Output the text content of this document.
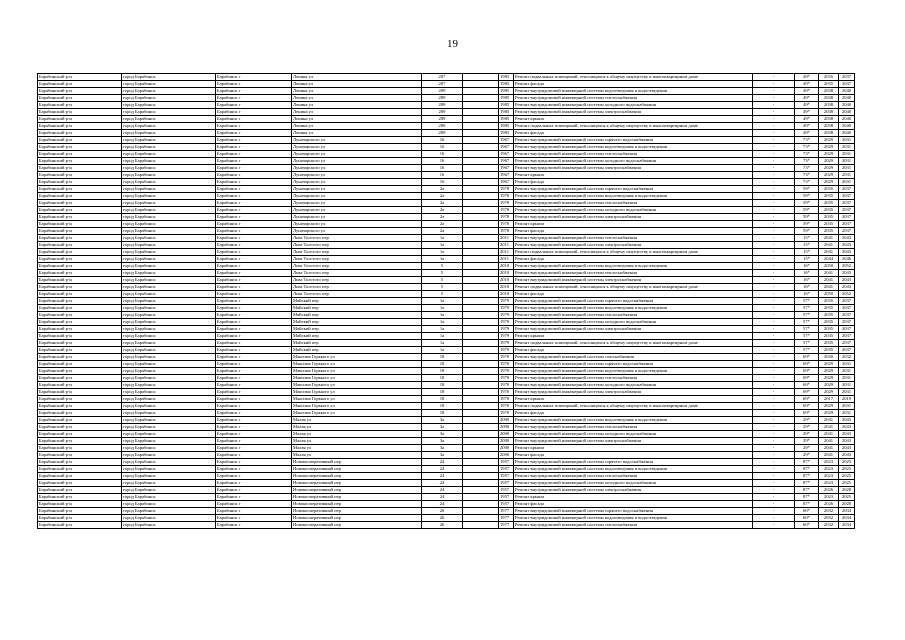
19
Барабинский р-н	город Барабинск	Барабинск г	Ленина ул	287		1985	Ремонт подвальных помещений, относящихся к общему имуществу в многоквартирном доме	-	49*	2035	2037
Барабинский р-н	город Барабинск	Барабинск г	Ленина ул	287		1985	Ремонт фасада	-	49*	2035	2037
Барабинский р-н	город Барабинск	Барабинск г	Ленина ул	289		1985	Ремонт внутридомовой инженерной системы водоотведения и водоотведения	-	49*	2038	2040
Барабинский р-н	город Барабинск	Барабинск г	Ленина ул	289		1985	Ремонт внутридомовой инженерной системы теплоснабжения	-	49*	2038	2040
Барабинский р-н	город Барабинск	Барабинск г	Ленина ул	289		1985	Ремонт внутридомовой инженерной системы холодного водоснабжения	-	49*	2038	2040
Барабинский р-н	город Барабинск	Барабинск г	Ленина ул	289		1985	Ремонт внутридомовой инженерной системы электроснабжения	-	49*	2038	2040
Барабинский р-н	город Барабинск	Барабинск г	Ленина ул	289		1985	Ремонт крыши	-	49*	2038	2040
Барабинский р-н	город Барабинск	Барабинск г	Ленина ул	289		1985	Ремонт подвальных помещений, относящихся к общему имуществу в многоквартирном доме	-	49*	2038	2040
Барабинский р-н	город Барабинск	Барабинск г	Ленина ул	289		1985	Ремонт фасада	-	49*	2038	2040
Барабинский р-н	город Барабинск	Барабинск г	Луначарского ул	16		1967	Ремонт внутридомовой инженерной системы горячего водоснабжения	-	73*	2029	2031
Барабинский р-н	город Барабинск	Барабинск г	Луначарского ул	16		1967	Ремонт внутридомовой инженерной системы водоотведения и водоотведения	-	73*	2029	2031
Барабинский р-н	город Барабинск	Барабинск г	Луначарского ул	16		1967	Ремонт внутридомовой инженерной системы теплоснабжения	-	73*	2029	2031
Барабинский р-н	город Барабинск	Барабинск г	Луначарского ул	16		1967	Ремонт внутридомовой инженерной системы холодного водоснабжения	-	73*	2029	2031
Барабинский р-н	город Барабинск	Барабинск г	Луначарского ул	16		1967	Ремонт внутридомовой инженерной системы электроснабжения	-	73*	2029	2031
Барабинский р-н	город Барабинск	Барабинск г	Луначарского ул	16		1967	Ремонт крыши	-	73*	2029	2031
Барабинский р-н	город Барабинск	Барабинск г	Луначарского ул	16		1967	Ремонт фасада	-	73*	2029	2031
Барабинский р-н	город Барабинск	Барабинск г	Луначарского ул	2а		1978	Ремонт внутридомовой инженерной системы горячего водоснабжения	-	59*	2035	2037
Барабинский р-н	город Барабинск	Барабинск г	Луначарского ул	2а		1978	Ремонт внутридомовой инженерной системы водоотведения и водоотведения	-	59*	2035	2037
Барабинский р-н	город Барабинск	Барабинск г	Луначарского ул	2а		1978	Ремонт внутридомовой инженерной системы теплоснабжения	-	59*	2035	2037
Барабинский р-н	город Барабинск	Барабинск г	Луначарского ул	2а		1978	Ремонт внутридомовой инженерной системы холодного водоснабжения	-	59*	2035	2037
Барабинский р-н	город Барабинск	Барабинск г	Луначарского ул	2а		1978	Ремонт внутридомовой инженерной системы электроснабжения	-	59*	2035	2037
Барабинский р-н	город Барабинск	Барабинск г	Луначарского ул	2а		1978	Ремонт крыши	-	59*	2035	2037
Барабинский р-н	город Барабинск	Барабинск г	Луначарского ул	2а		1978	Ремонт фасада	-	59*	2035	2037
Барабинский р-н	город Барабинск	Барабинск г	Льва Толстого пер	1а		2011	Ремонт внутридомовой инженерной системы теплоснабжения	-	15*	2041	2043
Барабинский р-н	город Барабинск	Барабинск г	Льва Толстого пер	1а		2011	Ремонт внутридомовой инженерной системы электроснабжения	-	15*	2041	2043
Барабинский р-н	город Барабинск	Барабинск г	Льва Толстого пер	1а		2011	Ремонт подвальных помещений, относящихся к общему имуществу в многоквартирном доме	-	15*	2041	2043
Барабинский р-н	город Барабинск	Барабинск г	Льва Толстого пер	1а		2011	Ремонт фасада	-	15*	2044	2046
Барабинский р-н	город Барабинск	Барабинск г	Льва Толстого пер	5		2010	Ремонт внутридомовой инженерной системы водоотведения и водоотведения	-	16*	2050	2052
Барабинский р-н	город Барабинск	Барабинск г	Льва Толстого пер	5		2010	Ремонт внутридомовой инженерной системы теплоснабжения	-	16*	2041	2043
Барабинский р-н	город Барабинск	Барабинск г	Льва Толстого пер	5		2010	Ремонт внутридомовой инженерной системы электроснабжения	-	16*	2041	2043
Барабинский р-н	город Барабинск	Барабинск г	Льва Толстого пер	5		2010	Ремонт подвальных помещений, относящихся к общему имуществу в многоквартирном доме	-	16*	2041	2043
Барабинский р-н	город Барабинск	Барабинск г	Льва Толстого пер	5		2010	Ремонт фасада	-	16*	2050	2052
Барабинский р-н	город Барабинск	Барабинск г	Майский пер	1а		1979	Ремонт внутридомовой инженерной системы горячего водоснабжения	-	57*	2035	2037
Барабинский р-н	город Барабинск	Барабинск г	Майский пер	1а		1979	Ремонт внутридомовой инженерной системы водоотведения и водоотведения	-	57*	2035	2037
Барабинский р-н	город Барабинск	Барабинск г	Майский пер	1а		1979	Ремонт внутридомовой инженерной системы теплоснабжения	-	57*	2035	2037
Барабинский р-н	город Барабинск	Барабинск г	Майский пер	1а		1979	Ремонт внутридомовой инженерной системы холодного водоснабжения	-	57*	2035	2037
Барабинский р-н	город Барабинск	Барабинск г	Майский пер	1а		1979	Ремонт внутридомовой инженерной системы электроснабжения	-	57*	2035	2037
Барабинский р-н	город Барабинск	Барабинск г	Майский пер	1а		1979	Ремонт крыши	-	57*	2035	2037
Барабинский р-н	город Барабинск	Барабинск г	Майский пер	1а		1979	Ремонт подвальных помещений, относящихся к общему имуществу в многоквартирном доме	-	57*	2035	2037
Барабинский р-н	город Барабинск	Барабинск г	Майский пер	1а		1979	Ремонт фасада	-	57*	2035	2037
Барабинский р-н	город Барабинск	Барабинск г	Максима Горького ул	18		1970	Ремонт внутридомовой инженерной системы газоснабжения	-	69*	2030	2032
Барабинский р-н	город Барабинск	Барабинск г	Максима Горького ул	18		1970	Ремонт внутридомовой инженерной системы горячего водоснабжения	-	69*	2029	2031
Барабинский р-н	город Барабинск	Барабинск г	Максима Горького ул	18		1970	Ремонт внутридомовой инженерной системы водоотведения и водоотведения	-	69*	2029	2031
Барабинский р-н	город Барабинск	Барабинск г	Максима Горького ул	18		1970	Ремонт внутридомовой инженерной системы теплоснабжения	-	69*	2029	2031
Барабинский р-н	город Барабинск	Барабинск г	Максима Горького ул	18		1970	Ремонт внутридомовой инженерной системы холодного водоснабжения	-	69*	2029	2031
Барабинский р-н	город Барабинск	Барабинск г	Максима Горького ул	18		1970	Ремонт внутридомовой инженерной системы электроснабжения	-	69*	2029	2031
Барабинский р-н	город Барабинск	Барабинск г	Максима Горького ул	18		1970	Ремонт крыши	-	69*	2017	2019
Барабинский р-н	город Барабинск	Барабинск г	Максима Горького ул	18		1970	Ремонт подвальных помещений, относящихся к общему имуществу в многоквартирном доме	-	69*	2029	2031
Барабинский р-н	город Барабинск	Барабинск г	Максима Горького ул	18		1970	Ремонт фасада	-	69*	2029	2031
Барабинский р-н	город Барабинск	Барабинск г	Малая ул	3а		2000	Ремонт внутридомовой инженерной системы водоотведения и водоотведения	-	29*	2041	2043
Барабинский р-н	город Барабинск	Барабинск г	Малая ул	3а		2000	Ремонт внутридомовой инженерной системы теплоснабжения	-	29*	2041	2043
Барабинский р-н	город Барабинск	Барабинск г	Малая ул	3а		2000	Ремонт внутридомовой инженерной системы холодного водоснабжения	-	29*	2041	2043
Барабинский р-н	город Барабинск	Барабинск г	Малая ул	3а		2000	Ремонт внутридомовой инженерной системы электроснабжения	-	29*	2041	2043
Барабинский р-н	город Барабинск	Барабинск г	Малая ул	3а		2000	Ремонт крыши	-	29*	2041	2043
Барабинский р-н	город Барабинск	Барабинск г	Малая ул	3а		2000	Ремонт фасада	-	29*	2041	2043
Барабинский р-н	город Барабинск	Барабинск г	Новокооперативный пер	24		1957	Ремонт внутридомовой инженерной системы горячего водоснабжения	-	87*	2023	2025
Барабинский р-н	город Барабинск	Барабинск г	Новокооперативный пер	24		1957	Ремонт внутридомовой инженерной системы водоотведения и водоотведения	-	87*	2023	2025
Барабинский р-н	город Барабинск	Барабинск г	Новокооперативный пер	24		1957	Ремонт внутридомовой инженерной системы теплоснабжения	-	87*	2023	2025
Барабинский р-н	город Барабинск	Барабинск г	Новокооперативный пер	24		1957	Ремонт внутридомовой инженерной системы холодного водоснабжения	-	87*	2023	2025
Барабинский р-н	город Барабинск	Барабинск г	Новокооперативный пер	24		1957	Ремонт внутридомовой инженерной системы электроснабжения	-	87*	2026	2028
Барабинский р-н	город Барабинск	Барабинск г	Новокооперативный пер	24		1957	Ремонт крыши	-	87*	2023	2025
Барабинский р-н	город Барабинск	Барабинск г	Новокооперативный пер	24		1957	Ремонт фасада	-	87*	2026	2028
Барабинский р-н	город Барабинск	Барабинск г	Новокооперативный пер	26		1977	Ремонт внутридомовой инженерной системы горячего водоснабжения	-	60*	2032	2034
Барабинский р-н	город Барабинск	Барабинск г	Новокооперативный пер	26		1977	Ремонт внутридомовой инженерной системы водоотведения и водоотведения	-	60*	2032	2034
Барабинский р-н	город Барабинск	Барабинск г	Новокооперативный пер	26		1977	Ремонт внутридомовой инженерной системы теплоснабжения	-	60*	2032	2034
